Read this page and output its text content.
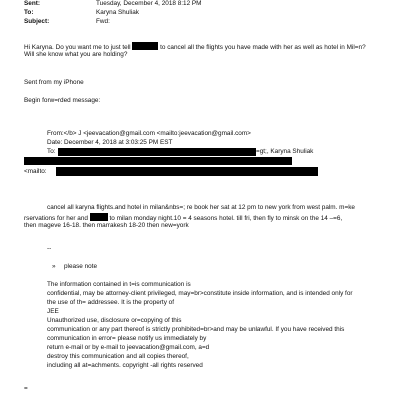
Sent:	Tuesday, December 4, 2018 8:12 PM
To:	Karyna Shuliak
Subject:	Fwd:
Hi Karyna. Do you want me to just tell	to cancel all the flights you have made with her as well as hotel in Mil=n?
Will she know what you are holding?
Sent from my iPhone
Begin forw=rded message:
From:</b> J <jeevacation@gmail.com <mailto:jeevacation@gmail.com>
Date: December 4, 2018 at 3:03:25 PM EST
To:	=gt;, Karyna Shuliak
<mailto:
cancel all karyna flights.and hotel in milan&nbs=; re book her sat at 12 pm to new york from west palm. m=ke
rservations for her and	to milan monday night.10 = 4 seasons hotel. till fri, then fly to minsk on the 14 –=6,
then mageve 16-18. then marrakesh 18-20 then new=york
--
» please note
The information contained in t=is communication is
confidential, may be attorney-client privileged, may=br>constitute inside information, and is intended only for
the use of th= addressee. It is the property of
JEE
Unauthorized use, disclosure or=copying of this
communication or any part thereof is strictly prohibited=br>and may be unlawful. If you have received this
communication in error= please notify us immediately by
return e-mail or by e-mail to jeevacation@gmail.com, a=d
destroy this communication and all copies thereof,
including all at=achments. copyright -all rights reserved
=
